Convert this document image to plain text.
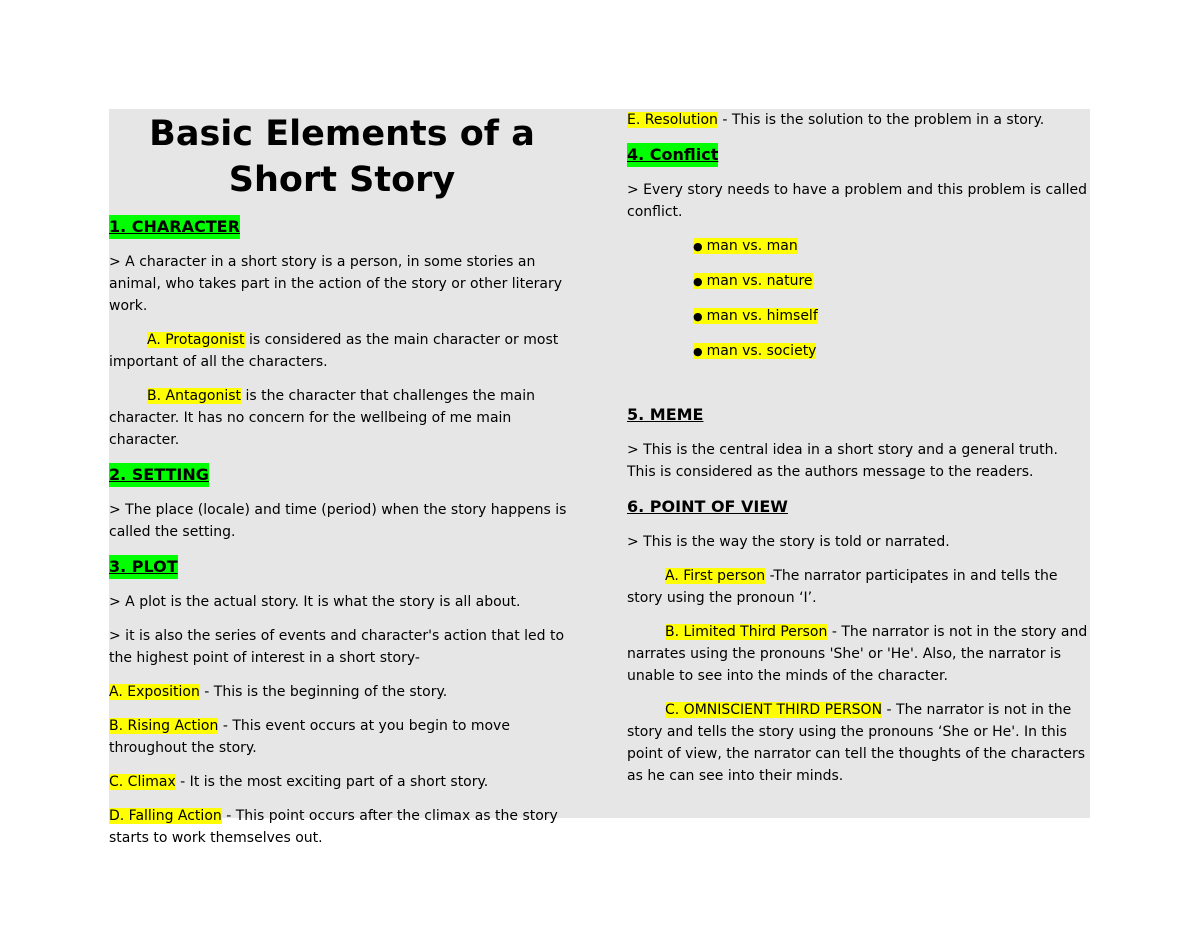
Basic Elements of a
Short Story
1. CHARACTER

> A character in a short story is a person, in some stories an animal, who takes part in the action of the story or other literary work.

A. Protagonist is considered as the main character or most important of all the characters.

B. Antagonist is the character that challenges the main character. It has no concern for the wellbeing of me main character.

2. SETTING

> The place (locale) and time (period) when the story happens is called the setting.

3. PLOT

> A plot is the actual story. It is what the story is all about.

> it is also the series of events and character's action that led to the highest point of interest in a short story-

A. Exposition - This is the beginning of the story.

B. Rising Action - This event occurs at you begin to move throughout the story.

C. Climax - It is the most exciting part of a short story.

D. Falling Action - This point occurs after the climax as the story starts to work themselves out.

E. Resolution - This is the solution to the problem in a story.

4. Conflict

> Every story needs to have a problem and this problem is called conflict.

● man vs. man
● man vs. nature
● man vs. himself
● man vs. society
5. MEME

> This is the central idea in a short story and a general truth. This is considered as the authors message to the readers.

6. POINT OF VIEW

> This is the way the story is told or narrated.

A. First person -The narrator participates in and tells the story using the pronoun ‘I’.

B. Limited Third Person - The narrator is not in the story and narrates using the pronouns 'She' or 'He'. Also, the narrator is unable to see into the minds of the character.

C. OMNISCIENT THIRD PERSON - The narrator is not in the story and tells the story using the pronouns ‘She or He'. In this point of view, the narrator can tell the thoughts of the characters as he can see into their minds.
